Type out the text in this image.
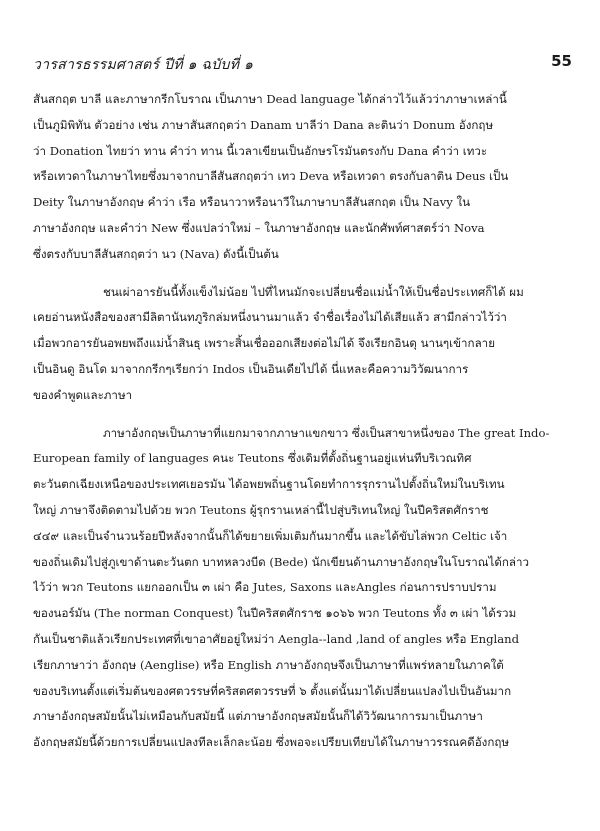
วารสารธรรมศาสตร์ ปีที่ ๑ ฉบับที่ ๑	55
สันสกฤต บาลี และภาษากรีกโบราณ เป็นภาษา Dead language ได้กล่าวไว้แล้วว่าภาษาเหล่านี้
เป็นภูมิพิทัน ตัวอย่าง เช่น ภาษาสันสกฤตว่า Danam บาลีว่า Dana ละตินว่า Donum อังกฤษ
ว่า Donation ไทยว่า ทาน คำว่า ทาน นี้เวลาเขียนเป็นอักษรโรมันตรงกับ Dana คำว่า เทวะ
หรือเทวดาในภาษาไทยซึ่งมาจากบาลีสันสกฤตว่า เทว Deva หรือเทวดา ตรงกับลาติน Deus เป็น
Deity ในภาษาอังกฤษ คำว่า เรือ หรือนาวาหรือนาวีในภาษาบาลีสันสกฤต เป็น Navy ใน
ภาษาอังกฤษ และคำว่า New ซึ่งแปลว่าใหม่ – ในภาษาอังกฤษ และนักศัพท์ศาสตร์ว่า Nova
ซึ่งตรงกับบาลีสันสกฤตว่า นว (Nava) ดังนี้เป็นต้น
ชนเผ่าอารยันนี้ทั้งแข็งไม่น้อย ไปที่ไหนมักจะเปลี่ยนชื่อแม่น้ำให้เป็นชื่อประเทศก็ได้ ผม
เคยอ่านหนังสือของสามีลิตานันทภูริกล่มหนึ่งนานมาแล้ว จำชื่อเรื่องไม่ได้เสียแล้ว สามีกล่าวไว้ว่า
เมื่อพวกอารยันอพยพถึงแม่น้ำสินธุ เพราะสิ้นเชื่อออกเสียงต่อไม่ได้ จึงเรียกอินดุ นานๆเข้ากลาย
เป็นอินดู อินโด มาจากกรีกๆเรียกว่า Indos เป็นอินเดียไปได้ นี่แหละคือความวิวัฒนาการ
ของคำพูดและภาษา
ภาษาอังกฤษเป็นภาษาที่แยกมาจากภาษาแขกขาว ซึ่งเป็นสาขาหนึ่งของ The great Indo-
European family of languages คนะ Teutons ซึ่งเดิมที่ตั้งถิ่นฐานอยู่แห่นทีบริเวณทิศ
ตะวันตกเฉียงเหนือของประเทศเยอรมัน ได้อพยพถิ่นฐานโดยทำการรุกรานไปตั้งถิ่นใหม่ในบริเทน
ใหญ่ ภาษาจึงติดตามไปด้วย พวก Teutons ผู้รุกรานเหล่านี้ไปสู่บริเทนใหญ่ ในปีคริสตศักราช
๔๔๙ และเป็นจำนวนร้อยปีหลังจากนั้นก็ได้ขยายเพิ่มเติมกันมากขึ้น และได้ขับไล่พวก Celtic เจ้า
ของถิ่นเดิมไปสู่ภูเขาด้านตะวันตก บาทหลวงบีด (Bede) นักเขียนด้านภาษาอังกฤษในโบราณได้กล่าว
ไว้ว่า พวก Teutons แยกออกเป็น ๓ เผ่า คือ Jutes, Saxons และAngles ก่อนการปราบปราม
ของนอร์มัน (The norman Conquest) ในปีคริสตศักราช ๑๐๖๖ พวก Teutons ทั้ง ๓ เผ่า ได้รวม
กันเป็นชาติแล้วเรียกประเทศที่เขาอาศัยอยู่ใหม่ว่า Aengla--land ,land of angles หรือ England
เรียกภาษาว่า อังกฤษ (Aenglise) หรือ English ภาษาอังกฤษจึงเป็นภาษาที่แพร่หลายในภาคใต้
ของบริเทนตั้งแต่เริ่มต้นของศตวรรษที่คริสตศตวรรษที่ ๖ ตั้งแต่นั้นมาได้เปลี่ยนแปลงไปเป็นอันมาก
ภาษาอังกฤษสมัยนั้นไม่เหมือนกับสมัยนี้ แต่ภาษาอังกฤษสมัยนั้นก็ได้วิวัฒนาการมาเป็นภาษา
อังกฤษสมัยนี้ด้วยการเปลี่ยนแปลงทีละเล็กละน้อย ซึ่งพอจะเปรียบเทียบได้ในภาษาวรรณคดีอังกฤษ
